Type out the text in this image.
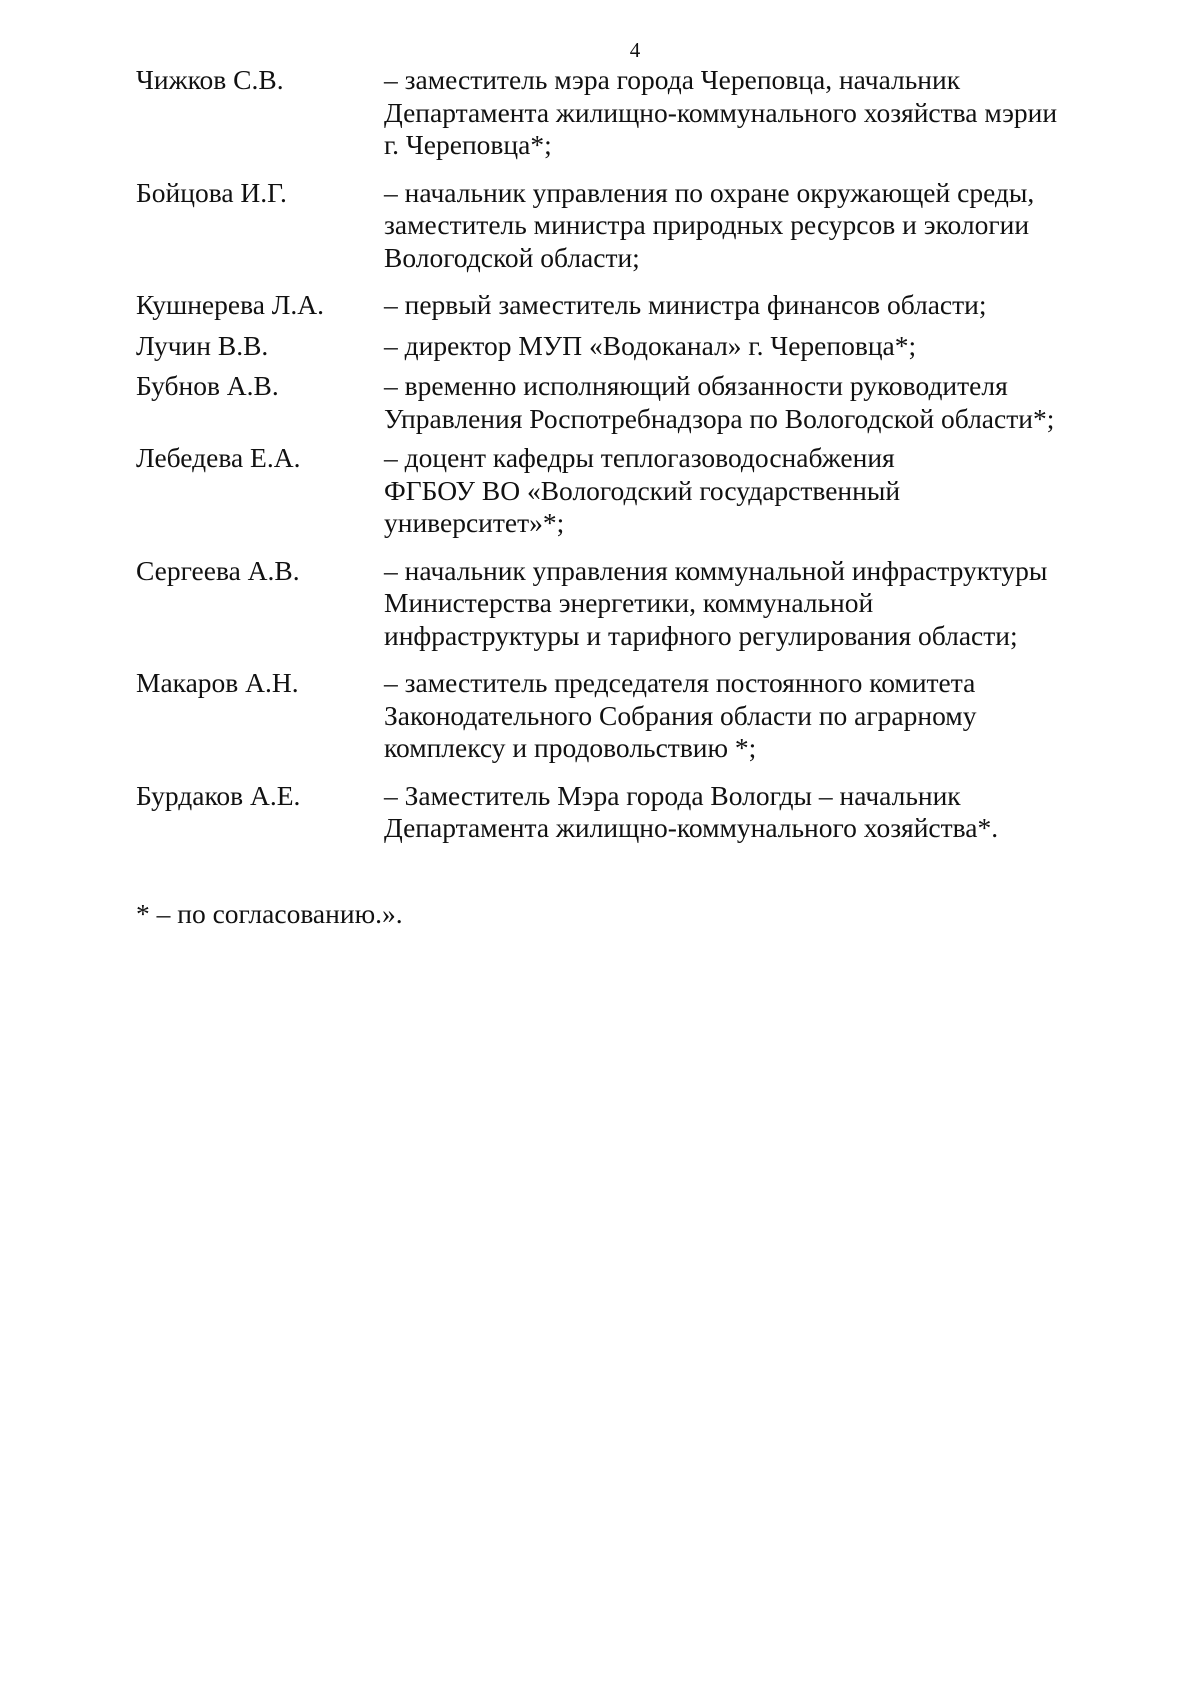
4
Чижков С.В.	– заместитель мэра города Череповца, начальник
Департамента жилищно-коммунального хозяйства мэрии
г. Череповца*;
Бойцова И.Г.	– начальник управления по охране окружающей среды,
заместитель министра природных ресурсов и экологии
Вологодской области;
Кушнерева Л.А.	– первый заместитель министра финансов области;
Лучин В.В.	– директор МУП «Водоканал» г. Череповца*;
Бубнов А.В.	– временно исполняющий обязанности руководителя
Управления Роспотребнадзора по Вологодской области*;
Лебедева Е.А.	– доцент кафедры теплогазоводоснабжения
ФГБОУ ВО «Вологодский государственный
университет»*;
Сергеева А.В.	– начальник управления коммунальной инфраструктуры
Министерства энергетики, коммунальной
инфраструктуры и тарифного регулирования области;
Макаров А.Н.	– заместитель председателя постоянного комитета
Законодательного Собрания области по аграрному
комплексу и продовольствию *;
Бурдаков А.Е.	– Заместитель Мэра города Вологды – начальник
Департамента жилищно-коммунального хозяйства*.
* – по согласованию.».
